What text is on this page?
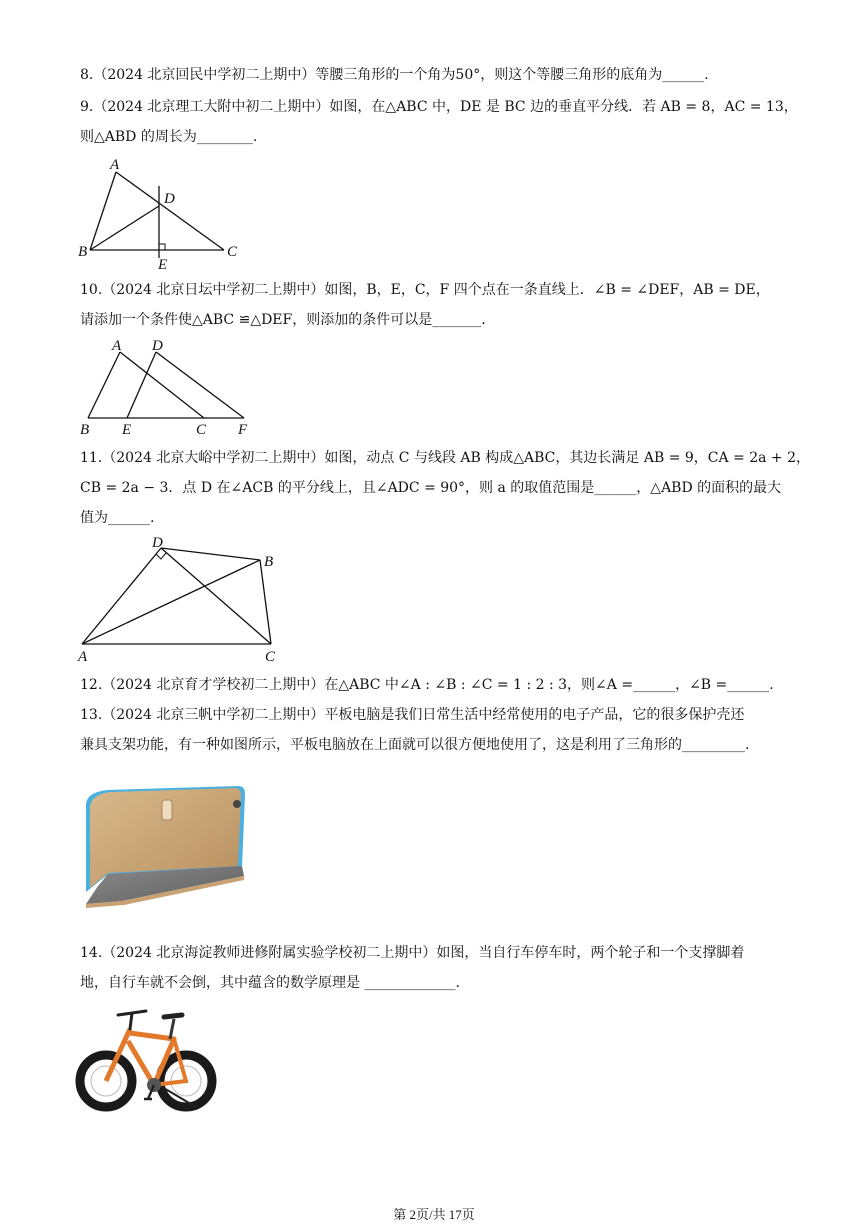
8.（2024 北京回民中学初二上期中）等腰三角形的一个角为50°，则这个等腰三角形的底角为______.
9.（2024 北京理工大附中初二上期中）如图，在△ABC 中，DE 是 BC 边的垂直平分线．若 AB = 8，AC = 13，
则△ABD 的周长为________.
A
B	C
D
E
10.（2024 北京日坛中学初二上期中）如图，B，E，C，F 四个点在一条直线上．∠B = ∠DEF，AB = DE，
请添加一个条件使△ABC ≌△DEF，则添加的条件可以是_______.
A D
B E	C F
11.（2024 北京大峪中学初二上期中）如图，动点 C 与线段 AB 构成△ABC，其边长满足 AB = 9，CA = 2a + 2，
CB = 2a − 3．点 D 在∠ACB 的平分线上，且∠ADC = 90°，则 a 的取值范围是______，△ABD 的面积的最大
值为______.
D
B
A	C
12.（2024 北京育才学校初二上期中）在△ABC 中∠A : ∠B : ∠C = 1 : 2 : 3，则∠A =______，∠B =______.
13.（2024 北京三帆中学初二上期中）平板电脑是我们日常生活中经常使用的电子产品，它的很多保护壳还
兼具支架功能，有一种如图所示，平板电脑放在上面就可以很方便地使用了，这是利用了三角形的_________.
14.（2024 北京海淀教师进修附属实验学校初二上期中）如图，当自行车停车时，两个轮子和一个支撑脚着
地，自行车就不会倒，其中蕴含的数学原理是 _____________.
第 2页/共 17页
